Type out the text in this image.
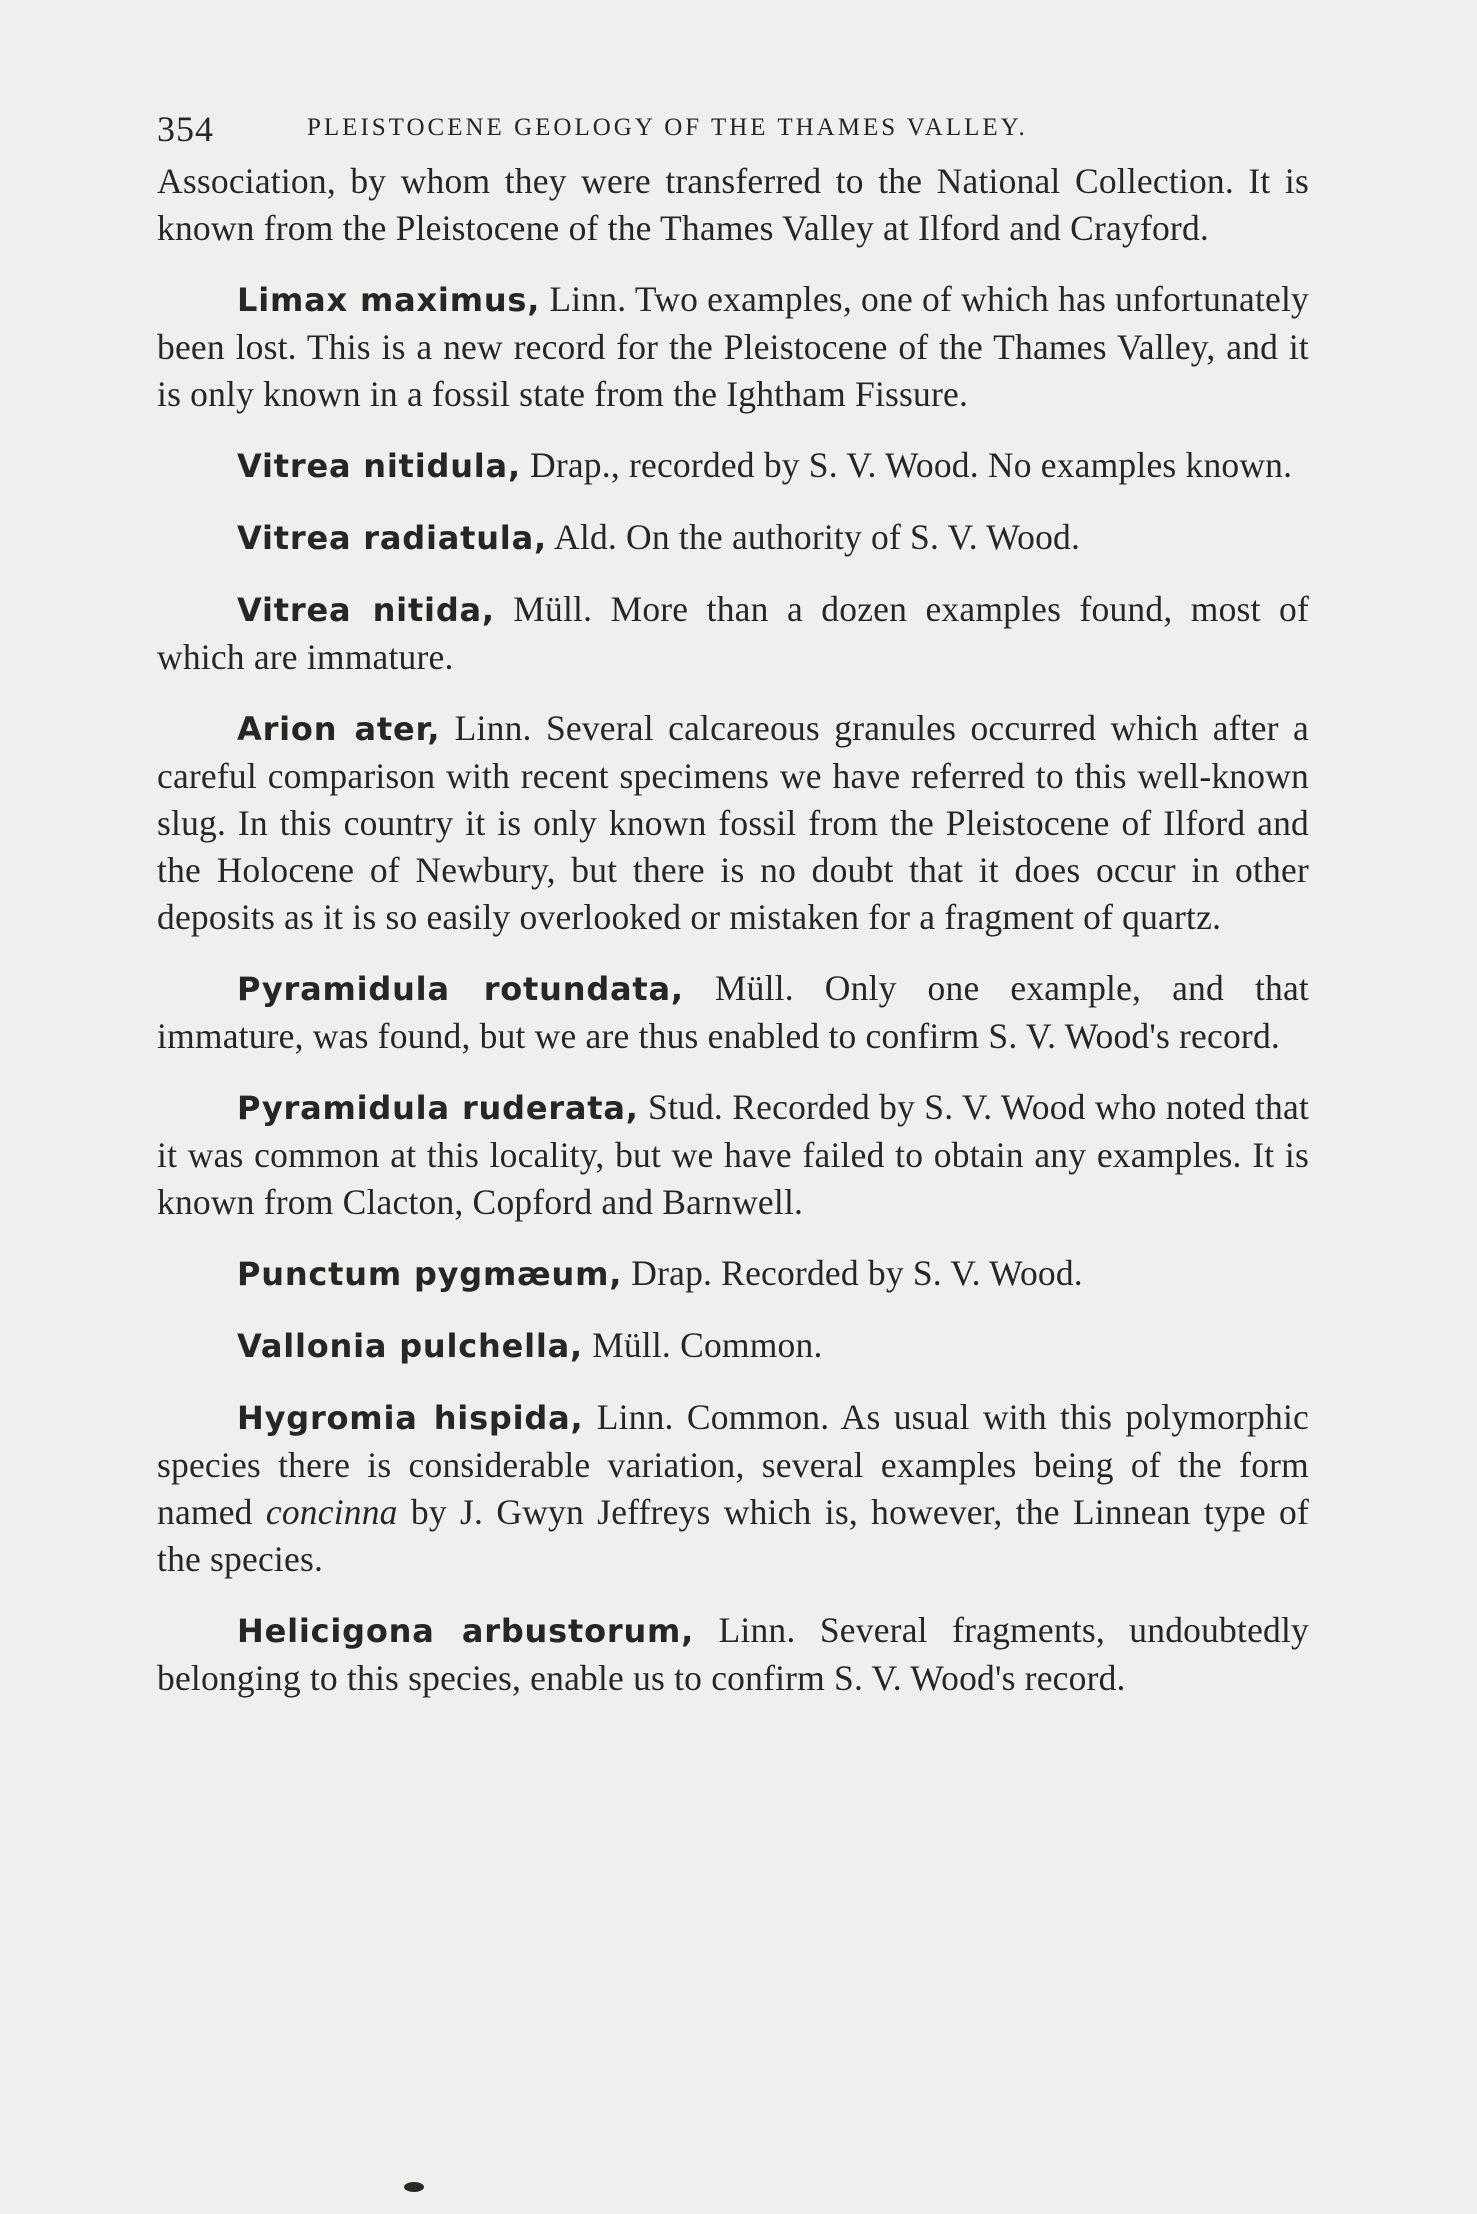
354	PLEISTOCENE GEOLOGY OF THE THAMES VALLEY.

Association, by whom they were transferred to the National Collection. It is known from the Pleistocene of the Thames Valley at Ilford and Crayford.

Limax maximus, Linn. Two examples, one of which has unfortunately been lost. This is a new record for the Pleistocene of the Thames Valley, and it is only known in a fossil state from the Ightham Fissure.

Vitrea nitidula, Drap., recorded by S. V. Wood. No examples known.

Vitrea radiatula, Ald. On the authority of S. V. Wood.

Vitrea nitida, Müll. More than a dozen examples found, most of which are immature.

Arion ater, Linn. Several calcareous granules occurred which after a careful comparison with recent specimens we have referred to this well-known slug. In this country it is only known fossil from the Pleistocene of Ilford and the Holocene of Newbury, but there is no doubt that it does occur in other deposits as it is so easily overlooked or mistaken for a fragment of quartz.

Pyramidula rotundata, Müll. Only one example, and that immature, was found, but we are thus enabled to confirm S. V. Wood's record.

Pyramidula ruderata, Stud. Recorded by S. V. Wood who noted that it was common at this locality, but we have failed to obtain any examples. It is known from Clacton, Copford and Barnwell.

Punctum pygmæum, Drap. Recorded by S. V. Wood.

Vallonia pulchella, Müll. Common.

Hygromia hispida, Linn. Common. As usual with this polymorphic species there is considerable variation, several examples being of the form named concinna by J. Gwyn Jeffreys which is, however, the Linnean type of the species.

Helicigona arbustorum, Linn. Several fragments, undoubtedly belonging to this species, enable us to confirm S. V. Wood's record.
